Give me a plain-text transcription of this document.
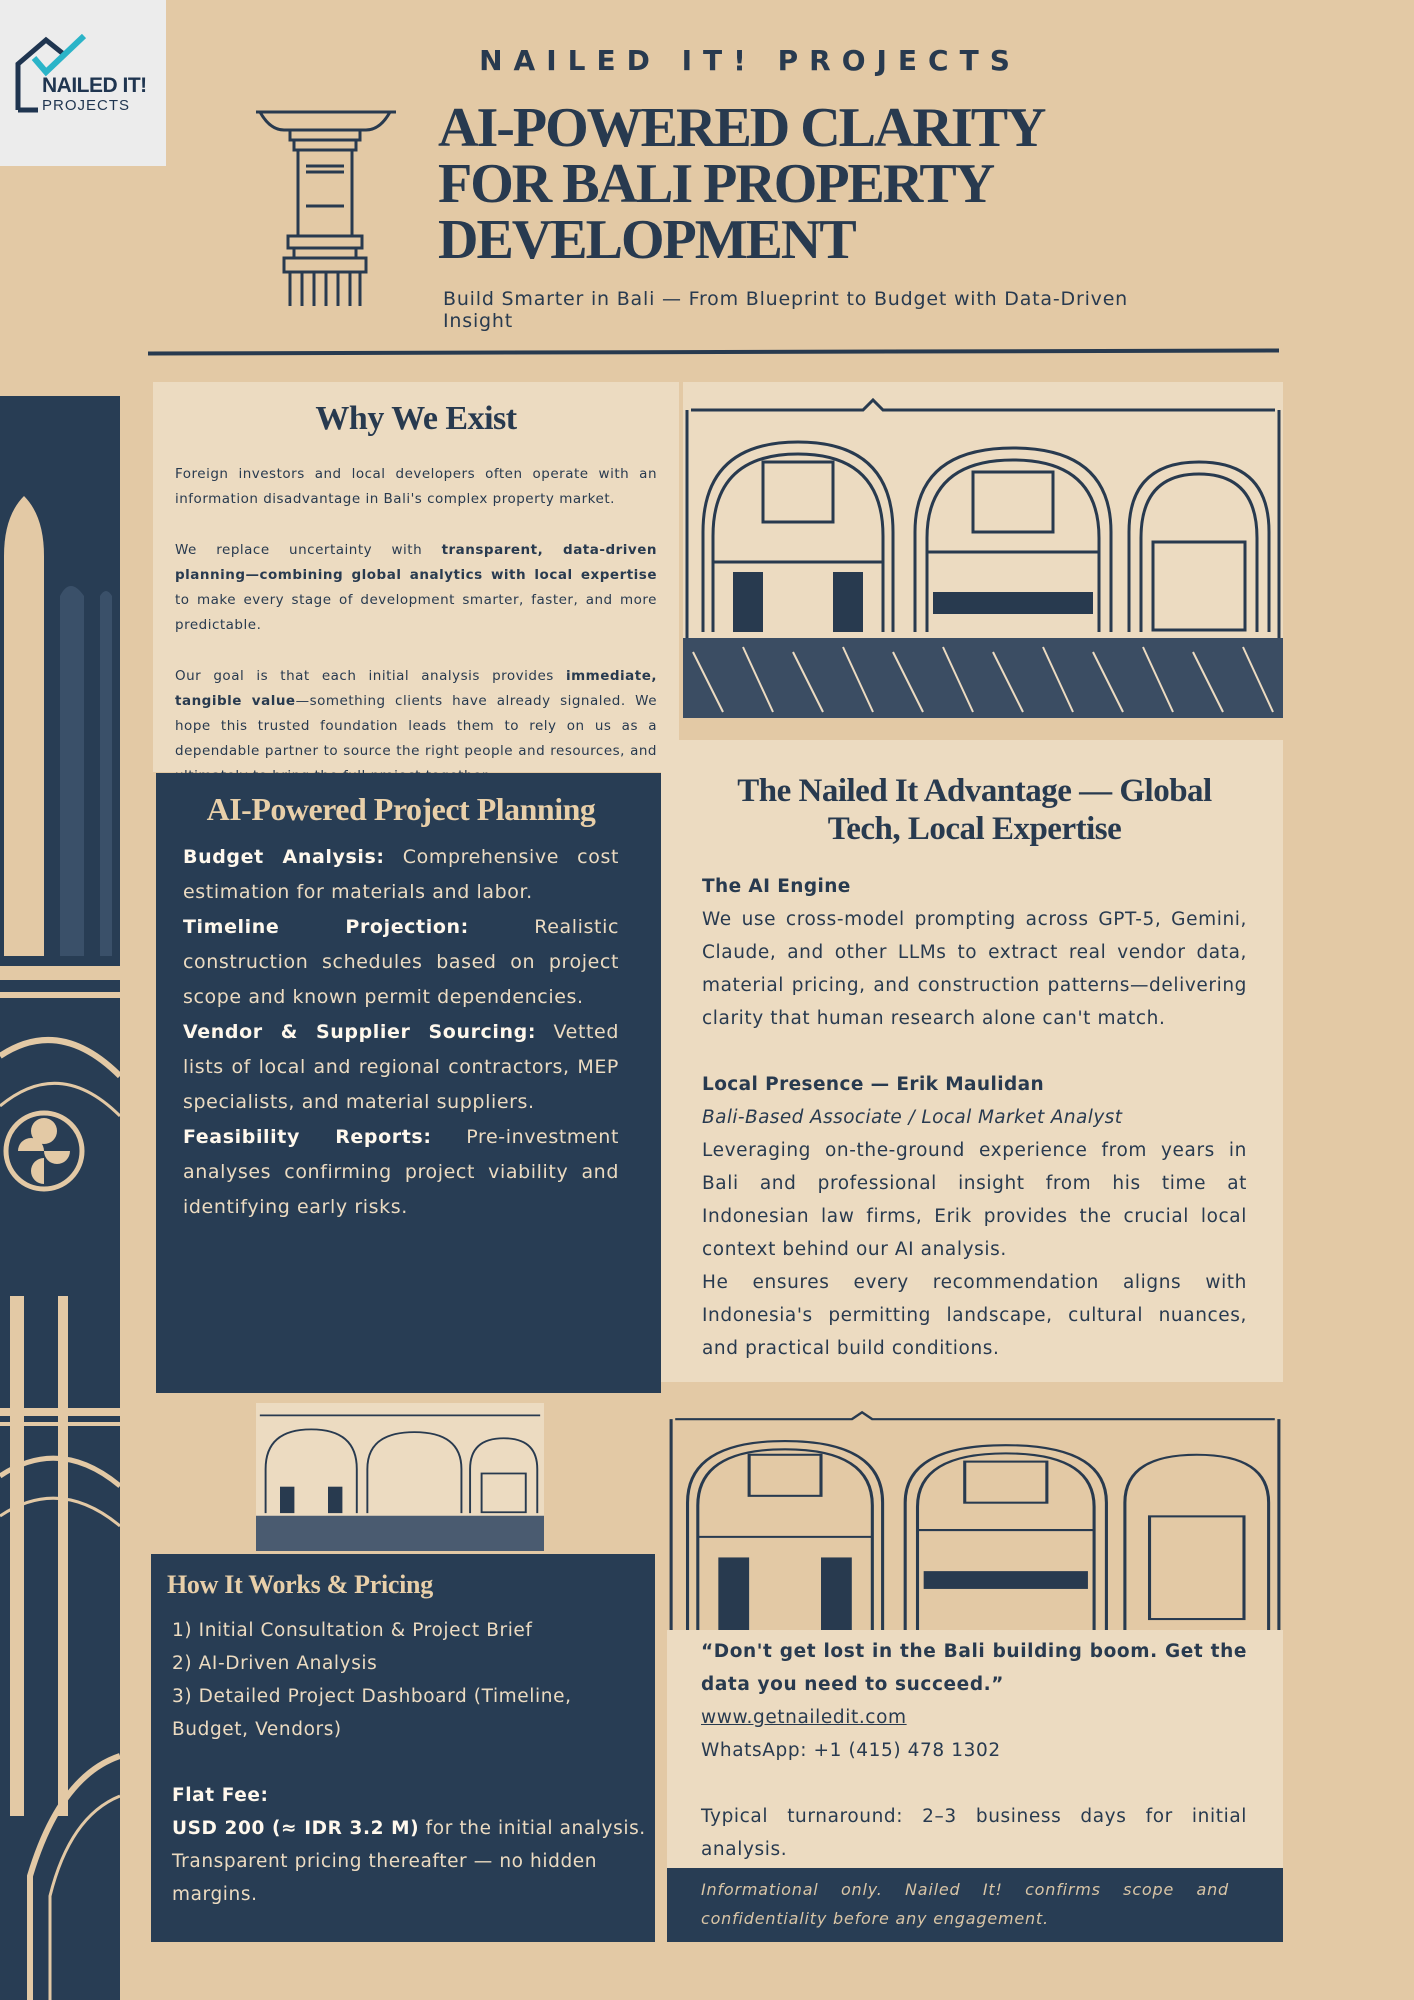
NAILED IT!
PROJECTS
NAILED IT! PROJECTS
AI-POWERED CLARITY
FOR BALI PROPERTY
DEVELOPMENT
Build Smarter in Bali — From Blueprint to Budget with Data-Driven Insight
Why We Exist

Foreign investors and local developers often operate with an information disadvantage in Bali's complex property market.

We replace uncertainty with transparent, data-driven planning—combining global analytics with local expertise to make every stage of development smarter, faster, and more predictable.

Our goal is that each initial analysis provides immediate, tangible value—something clients have already signaled. We hope this trusted foundation leads them to rely on us as a dependable partner to source the right people and resources, and

AI-Powered Project Planning

Budget Analysis: Comprehensive cost estimation for materials and labor.

Timeline Projection: Realistic construction schedules based on project scope and known permit dependencies.

Vendor & Supplier Sourcing: Vetted lists of local and regional contractors, MEP specialists, and material suppliers.

Feasibility Reports: Pre-investment analyses confirming project viability and identifying early risks.

The Nailed It Advantage — Global Tech, Local Expertise
The AI Engine

We use cross-model prompting across GPT-5, Gemini, Claude, and other LLMs to extract real vendor data, material pricing, and construction patterns—delivering clarity that human research alone can't match.

Local Presence — Erik Maulidan
Bali-Based Associate / Local Market Analyst

Leveraging on-the-ground experience from years in Bali and professional insight from his time at Indonesian law firms, Erik provides the crucial local context behind our AI analysis.

He ensures every recommendation aligns with Indonesia's permitting landscape, cultural nuances, and practical build conditions.

How It Works & Pricing
1) Initial Consultation & Project Brief
2) AI-Driven Analysis
3) Detailed Project Dashboard (Timeline, Budget, Vendors)
Flat Fee:
USD 200 (≈ IDR 3.2 M) for the initial analysis.
Transparent pricing thereafter — no hidden margins.
“Don't get lost in the Bali building boom. Get the data you need to succeed.”
www.getnailedit.com
WhatsApp: +1 (415) 478 1302
Typical turnaround: 2–3 business days for initial analysis.

Informational only. Nailed It! confirms scope and confidentiality before any engagement.
